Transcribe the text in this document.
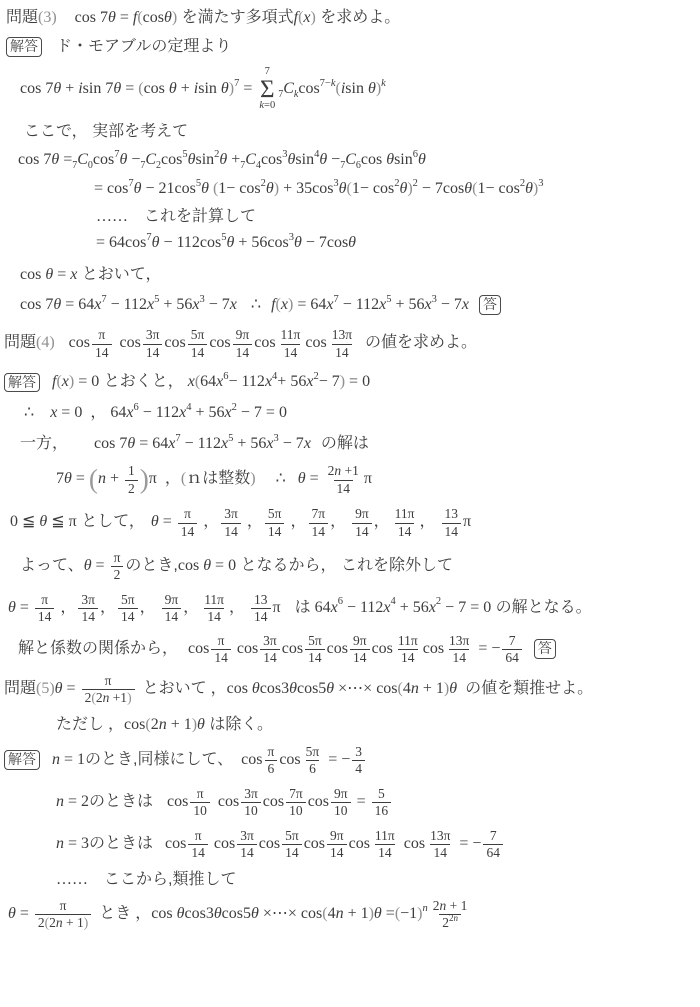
問題(3) cos 7θ = f(cosθ) を満たす多項式f(x) を求めよ。
解答 ド・モアブルの定理より
cos 7θ + isin 7θ = (cos θ + isin θ)$^7$ =
7
Σ
k=0
$_7C_k\cos^{7-k}(isin$ θ)$^k$
ここで， 実部を考えて
$\cos 7\theta =_7C_0\cos^7\theta -_7C_2\cos^5\theta\sin^2\theta +_7C_4\cos^3\theta\sin^4\theta -_7C_6\cos$ θsin$^6$θ
= $\cos^7\theta - 21\cos^5\theta$ $(1- \cos^2\theta) + 35\cos^3\theta(1- \cos^2\theta)^2 - 7\cos\theta(1- \cos^2\theta)^3$
…… これを計算して
= $64\cos^7\theta - 112\cos^5\theta + 56\cos^3\theta - 7\cos\theta$
cos θ = x とおいて，
$\cos 7\theta = 64x^7 - 112x^5 + 56x^3 - 7x$ ∴ $f(x) = 64x^7 - 112x^5 + 56x^3 - 7x$ 答
問題(4) $\cos \frac{\pi}{14}$ $\cos \frac{3\pi}{14}$ $\cos \frac{5\pi}{14}$ $\cos \frac{9\pi}{14}$ $\cos \frac{11\pi}{14}$ $\cos \frac{13\pi}{14}$ の値を求めよ。
解答 f(x) = 0 とおくと， $x(64x^6- 112x^4+ 56x^2- 7) = 0$
∴ x = 0 ， $64x^6 - 112x^4 + 56x^2 - 7 = 0$
一方， $\cos 7\theta = 64x^7 - 112x^5 + 56x^3 - 7x$ の解は
$7\theta = (n + \frac{1}{2} )\pi$ ，(ｎは整数) ∴ $\theta = \frac{2n +1}{14}$ π
0 ≦ θ ≦ π として， $\theta = \frac{\pi}{14}$ ， $\frac{3\pi}{14}$ ， $\frac{5\pi}{14}$ ， $\frac{7\pi}{14}$ ， $\frac{9\pi}{14}$ ， $\frac{11\pi}{14}$ ， $\frac{13}{14}$ π
よって、$\theta = \frac{\pi}{2}$ のとき,cos θ = 0 となるから， これを除外して
$\theta = \frac{\pi}{14}$ ， $\frac{3\pi}{14}$ ， $\frac{5\pi}{14}$ ， $\frac{9\pi}{14}$ ， $\frac{11\pi}{14}$ ， $\frac{13}{14}$ π は $64x^6 - 112x^4 + 56x^2 - 7 = 0$ の解となる。
解と係数の関係から， $\cos \frac{\pi}{14}$ $\cos \frac{3\pi}{14}$ $\cos \frac{5\pi}{14}$ $\cos \frac{9\pi}{14}$ $\cos \frac{11\pi}{14}$ $\cos \frac{13\pi}{14}$ = − $\frac{7}{64}$ 答
問題$(5)\theta = \frac{\pi}{2(2n +1)}$ とおいて ，cos θcos3θcos5θ ×⋯× cos(4n + 1)θ の値を類推せよ。
ただし ，cos(2n + 1)θ は除く。
解答 n = 1のとき,同様にして、 $\cos \frac{\pi}{6}$ $\cos \frac{5\pi}{6}$ = − $\frac{3}{4}$
n = 2のときは $\cos \frac{\pi}{10}$ $\cos \frac{3\pi}{10}$ $\cos \frac{7\pi}{10}$ $\cos \frac{9\pi}{10} = \frac{5}{16}$
n = 3のときは $\cos \frac{\pi}{14}$ $\cos \frac{3\pi}{14}$ $\cos \frac{5\pi}{14}$ $\cos \frac{9\pi}{14}$ $\cos \frac{11\pi}{14}$ $\cos \frac{13\pi}{14}$ = − $\frac{7}{64}$
…… ここから,類推して
$\theta = \frac{\pi}{2(2n + 1)}$ とき ，cos θcos3θcos5θ ×⋯× $\cos(4n + 1)\theta =(-1)^n \frac{2n + 1}{2^{2n}}$
